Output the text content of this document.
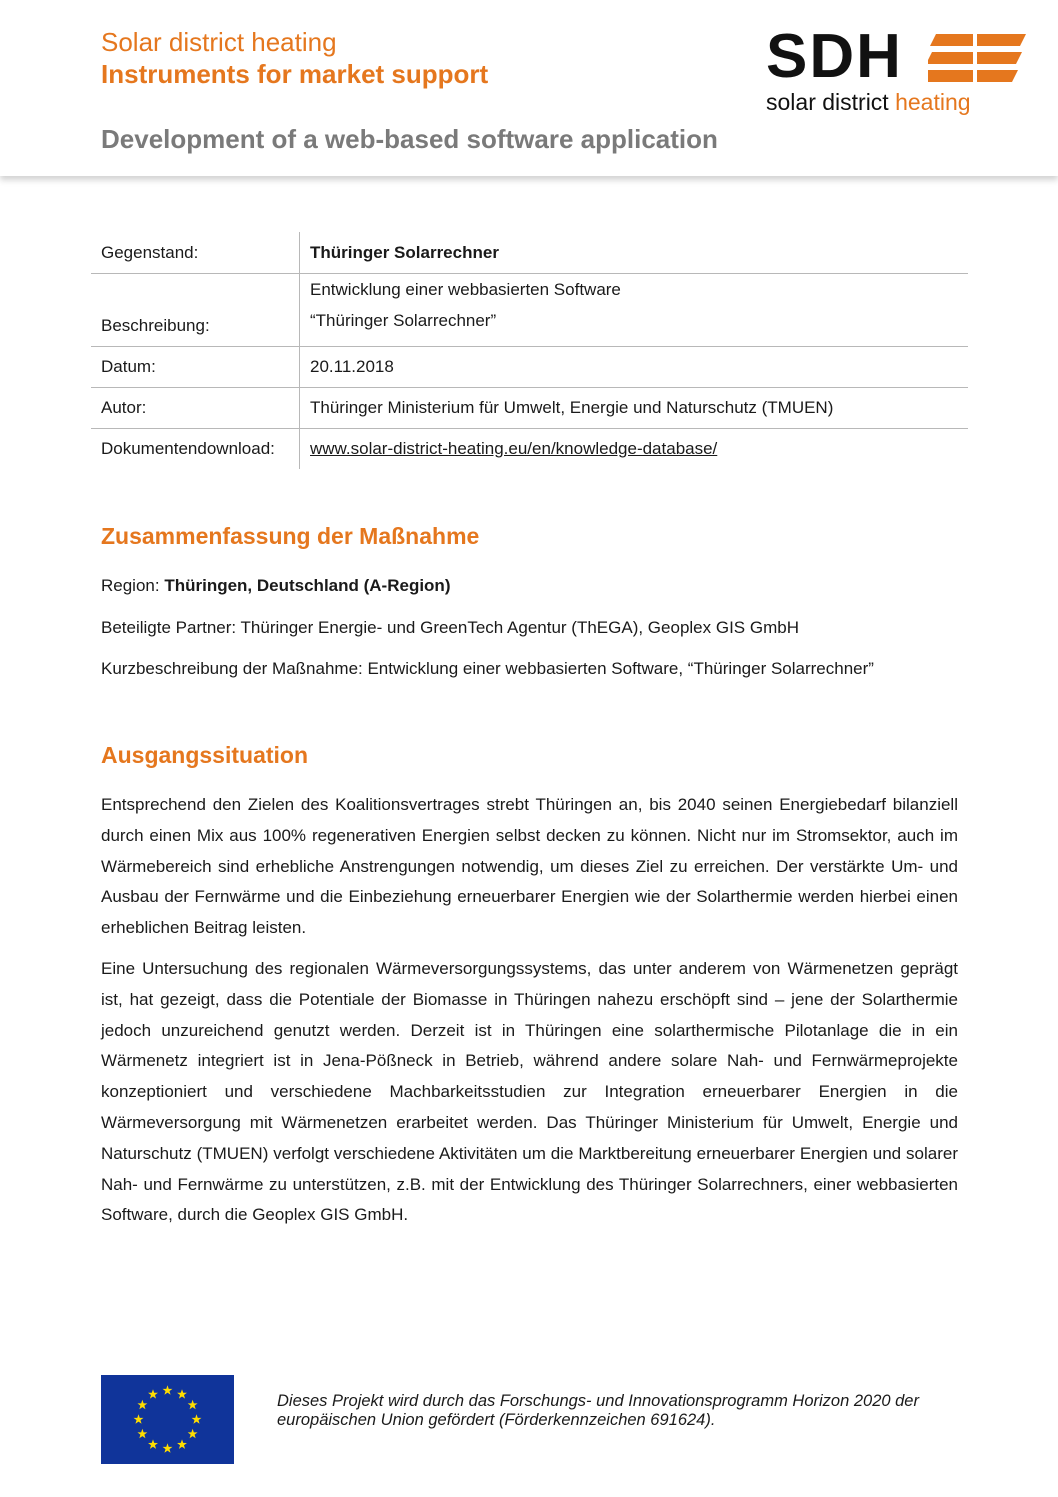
Solar district heating
Instruments for market support
Development of a web-based software application
SDH
solar district heating
Gegenstand:	Thüringer Solarrechner
Beschreibung:	Entwicklung einer webbasierten Software
“Thüringer Solarrechner”

Datum:	20.11.2018
Autor:	Thüringer Ministerium für Umwelt, Energie und Naturschutz (TMUEN)
Dokumentendownload:	www.solar-district-heating.eu/en/knowledge-database/
Zusammenfassung der Maßnahme
Region: Thüringen, Deutschland (A-Region)
Beteiligte Partner: Thüringer Energie- und GreenTech Agentur (ThEGA), Geoplex GIS GmbH
Kurzbeschreibung der Maßnahme: Entwicklung einer webbasierten Software, “Thüringer Solarrechner”
Ausgangssituation

Entsprechend den Zielen des Koalitionsvertrages strebt Thüringen an, bis 2040 seinen Energiebedarf bilanziell durch einen Mix aus 100% regenerativen Energien selbst decken zu können. Nicht nur im Stromsektor, auch im Wärmebereich sind erhebliche Anstrengungen notwendig, um dieses Ziel zu erreichen. Der verstärkte Um- und Ausbau der Fernwärme und die Einbeziehung erneuerbarer Energien wie der Solarthermie werden hierbei einen erheblichen Beitrag leisten.

Eine Untersuchung des regionalen Wärmeversorgungssystems, das unter anderem von Wärmenetzen geprägt ist, hat gezeigt, dass die Potentiale der Biomasse in Thüringen nahezu erschöpft sind – jene der Solarthermie jedoch unzureichend genutzt werden. Derzeit ist in Thüringen eine solarthermische Pilotanlage die in ein Wärmenetz integriert ist in Jena-Pößneck in Betrieb, während andere solare Nah- und Fernwärmeprojekte konzeptioniert und verschiedene Machbarkeitsstudien zur Integration erneuerbarer Energien in die Wärmeversorgung mit Wärmenetzen erarbeitet werden. Das Thüringer Ministerium für Umwelt, Energie und Naturschutz (TMUEN) verfolgt verschiedene Aktivitäten um die Marktbereitung erneuerbarer Energien und solarer Nah- und Fernwärme zu unterstützen, z.B. mit der Entwicklung des Thüringer Solarrechners, einer webbasierten Software, durch die Geoplex GIS GmbH.

Dieses Projekt wird durch das Forschungs- und Innovationsprogramm Horizon 2020 der europäischen Union gefördert (Förderkennzeichen 691624).
